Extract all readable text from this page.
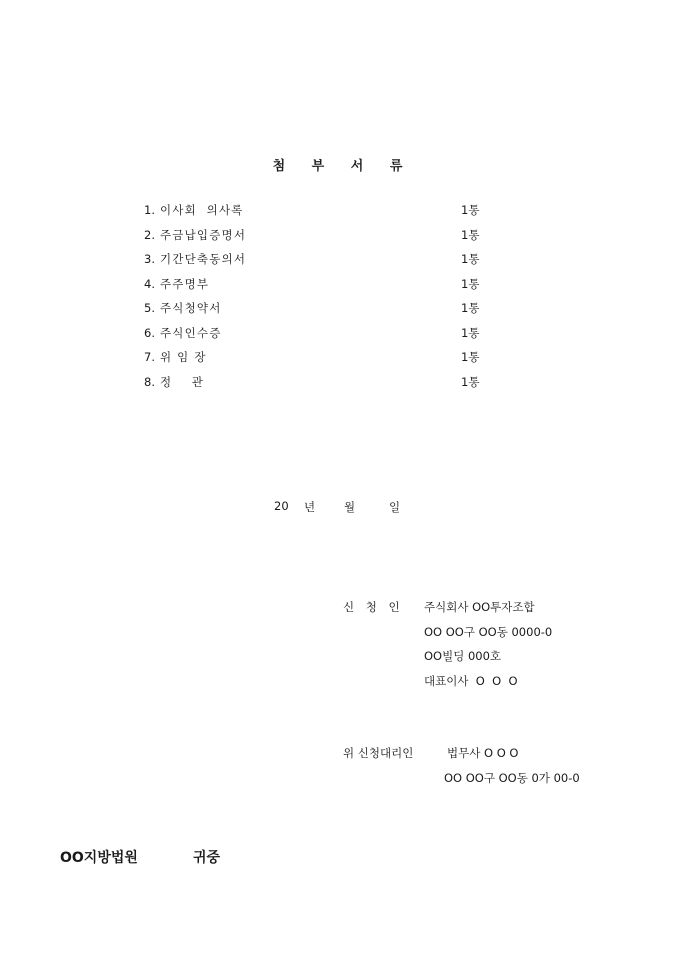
첨 부 서 류
1. 이사회  의사록	1통
2. 주금납입증명서	1통
3. 기간단축동의서	1통
4. 주주명부	1통
5. 주식청약서	1통
6. 주식인수증	1통
7. 위 임 장	1통
8. 정    관	1통

20

년

	월

	일

신 청 인 주식회사 OO투자조합
OO OO구 OO동 0000-0
OO빌딩 000호
대표이사  O  O  O
위 신청대리인	법무사 O O O
OO OO구 OO동 0가 00-0
OO지방법원	귀중
